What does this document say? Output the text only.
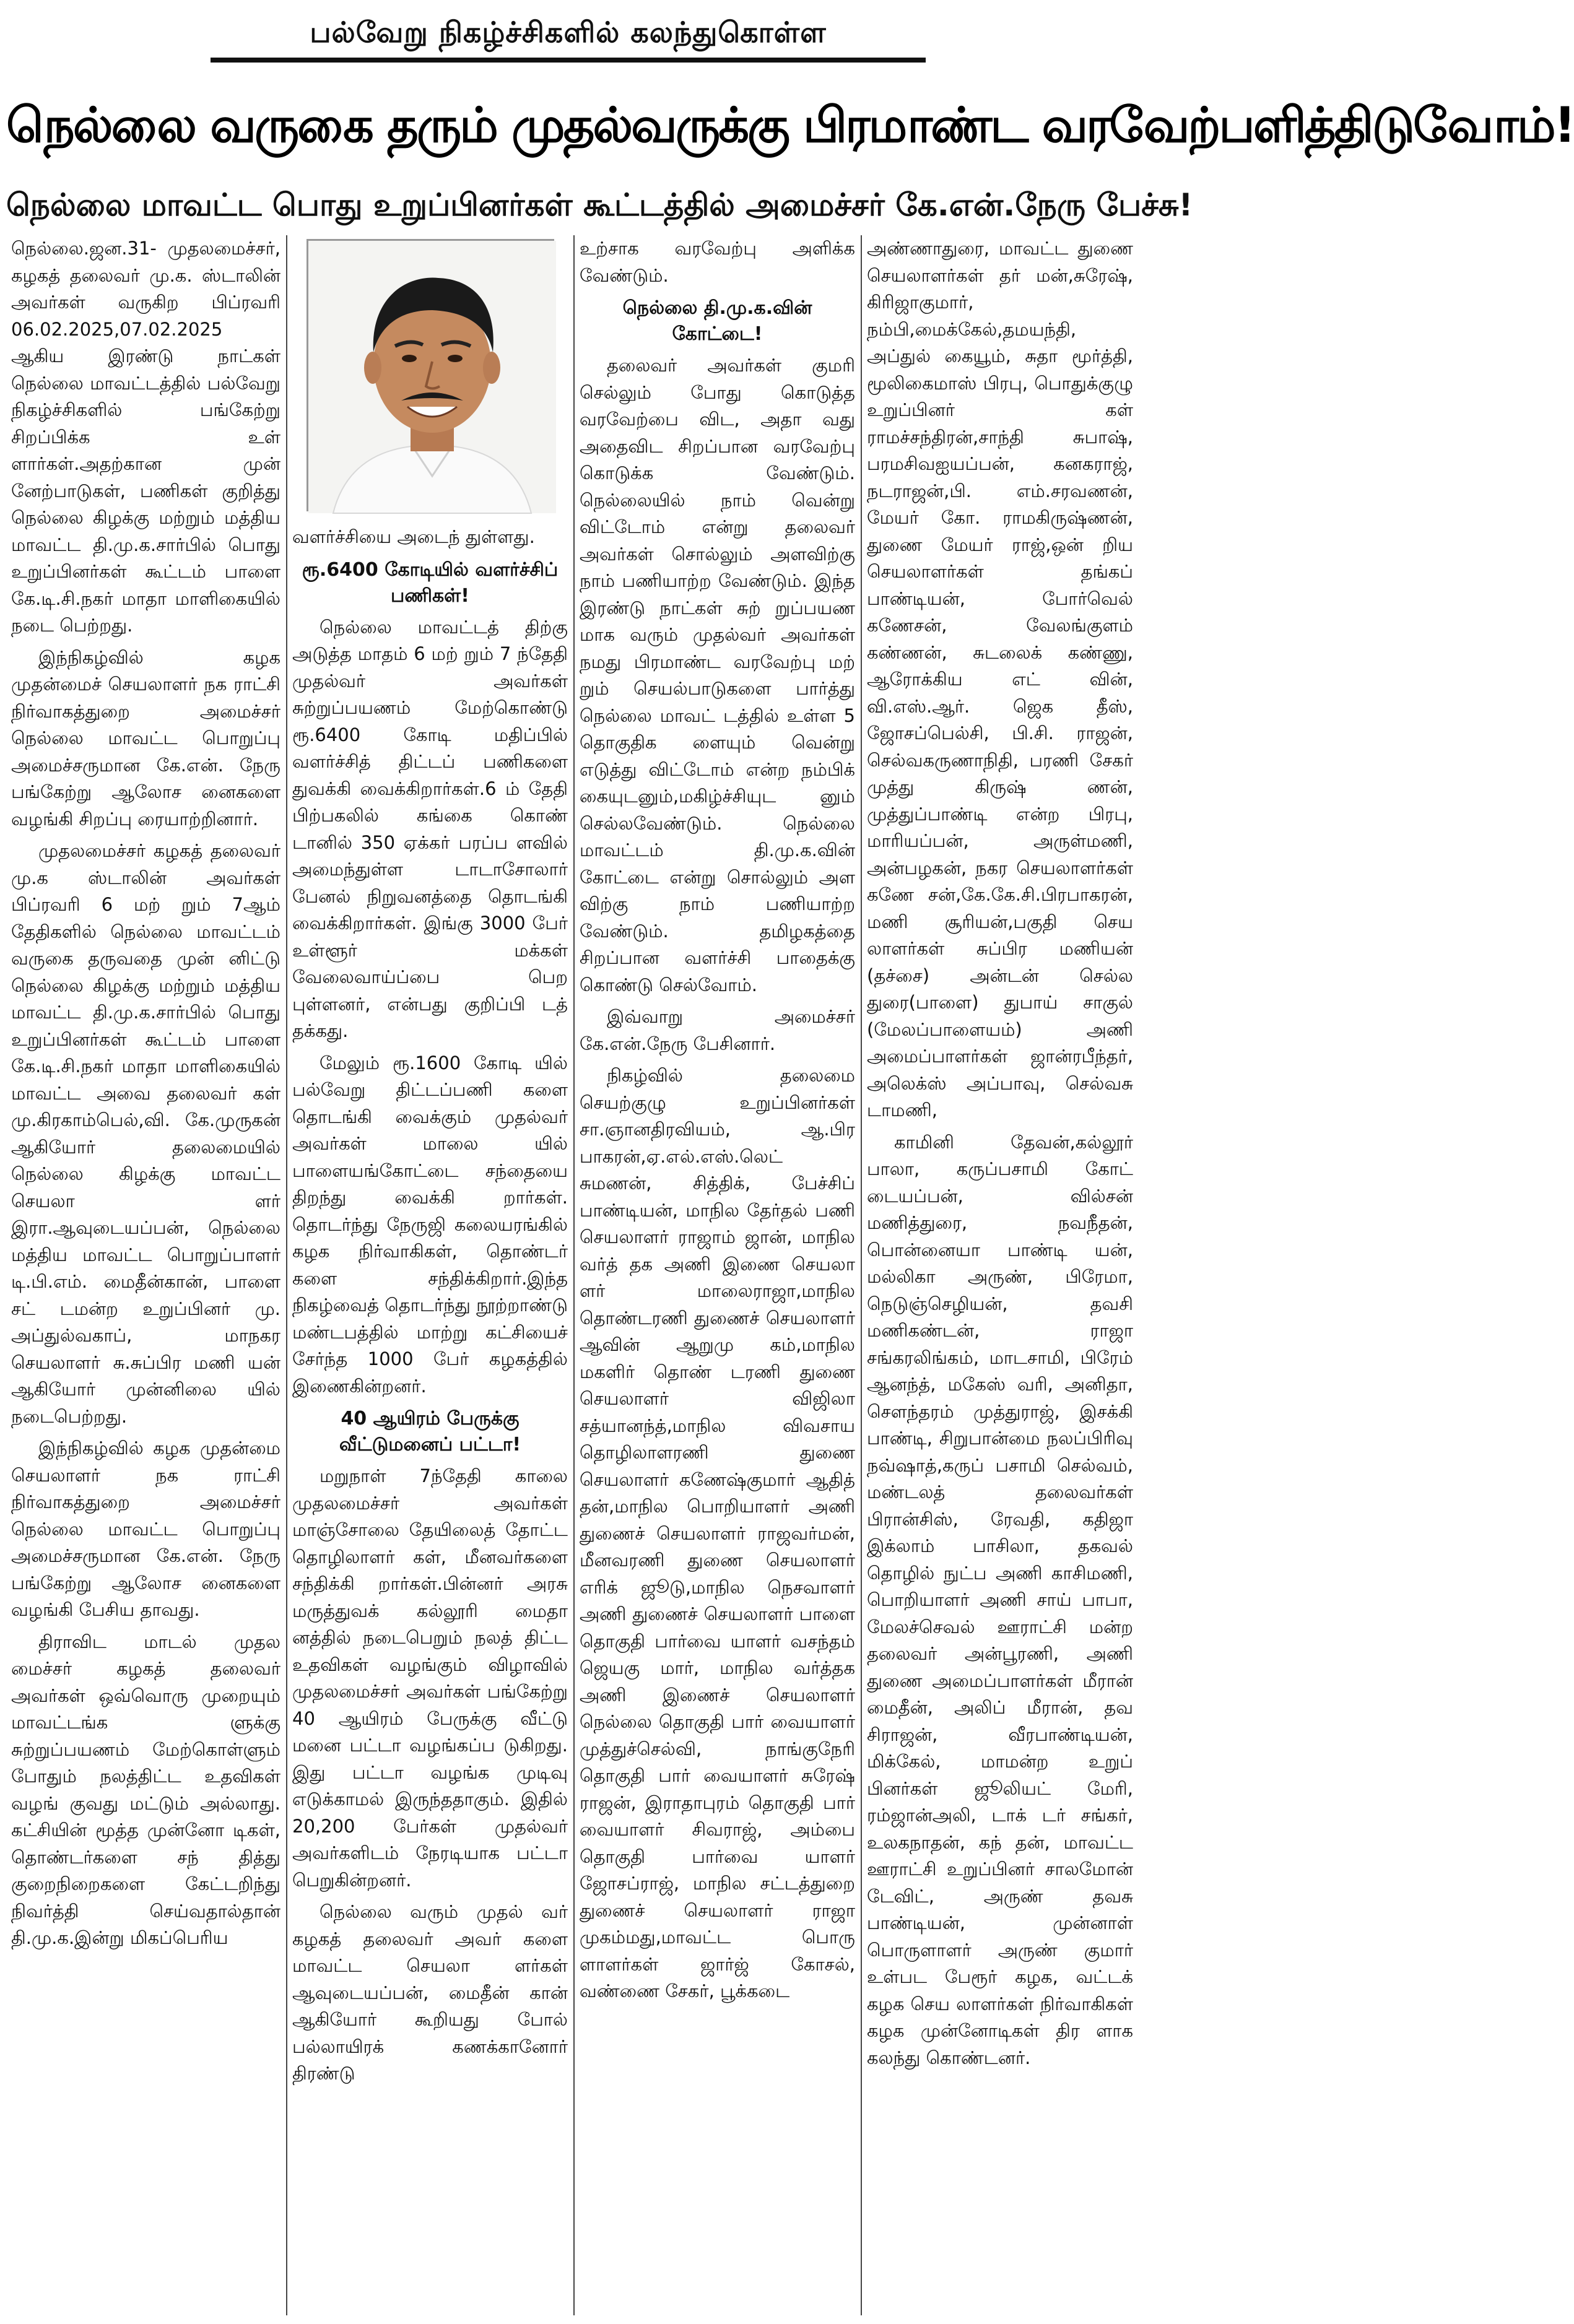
பல்வேறு நிகழ்ச்சிகளில் கலந்துகொள்ள
நெல்லை வருகை தரும் முதல்வருக்கு பிரமாண்ட வரவேற்பளித்திடுவோம்!
நெல்லை மாவட்ட பொது உறுப்பினர்கள் கூட்டத்தில் அமைச்சர் கே.என்.நேரு பேச்சு!

நெல்லை.ஜன.31- முதலமைச்சர், கழகத் தலைவர் மு.க. ஸ்டாலின் அவர்கள் வருகிற பிப்ரவரி 06.02.2025,07.02.2025 ஆகிய இரண்டு நாட்கள் நெல்லை மாவட்டத்தில் பல்வேறு நிகழ்ச்சிகளில் பங்கேற்று சிறப்பிக்க உள் ளார்கள்.அதற்கான முன் னேற்பாடுகள், பணிகள் குறித்து நெல்லை கிழக்கு மற்றும் மத்திய மாவட்ட தி.மு.க.சார்பில் பொது உறுப்பினர்கள் கூட்டம் பாளை கே.டி.சி.நகர் மாதா மாளிகையில் நடை பெற்றது.

இந்நிகழ்வில் கழக முதன்மைச் செயலாளர் நக ராட்சி நிர்வாகத்துறை அமைச்சர் நெல்லை மாவட்ட பொறுப்பு அமைச்சருமான கே.என். நேரு பங்கேற்று ஆலோச னைகளை வழங்கி சிறப்பு ரையாற்றினார்.

முதலமைச்சர் கழகத் தலைவர் மு.க ஸ்டாலின் அவர்கள் பிப்ரவரி 6 மற் றும் 7ஆம் தேதிகளில் நெல்லை மாவட்டம் வருகை தருவதை முன் னிட்டு நெல்லை கிழக்கு மற்றும் மத்திய மாவட்ட தி.மு.க.சார்பில் பொது உறுப்பினர்கள் கூட்டம் பாளை கே.டி.சி.நகர் மாதா மாளிகையில் மாவட்ட அவை தலைவர் கள் மு.கிரகாம்பெல்,வி. கே.முருகன் ஆகியோர் தலைமையில் நெல்லை கிழக்கு மாவட்ட செயலா ளர் இரா.ஆவுடையப்பன், நெல்லை மத்திய மாவட்ட பொறுப்பாளர் டி.பி.எம். மைதீன்கான், பாளை சட் டமன்ற உறுப்பினர் மு. அப்துல்வகாப், மாநகர செயலாளர் சு.சுப்பிர மணி யன் ஆகியோர் முன்னிலை யில் நடைபெற்றது.

இந்நிகழ்வில் கழக முதன்மை செயலாளர் நக ராட்சி நிர்வாகத்துறை அமைச்சர் நெல்லை மாவட்ட பொறுப்பு அமைச்சருமான கே.என். நேரு பங்கேற்று ஆலோச னைகளை வழங்கி பேசிய தாவது.

திராவிட மாடல் முதல மைச்சர் கழகத் தலைவர் அவர்கள் ஒவ்வொரு முறையும் மாவட்டங்க ளுக்கு சுற்றுப்பயணம் மேற்கொள்ளும் போதும் நலத்திட்ட உதவிகள் வழங் குவது மட்டும் அல்லாது. கட்சியின் மூத்த முன்னோ டிகள், தொண்டர்களை சந் தித்து குறைநிறைகளை கேட்டறிந்து நிவர்த்தி செய்வதால்தான் தி.மு.க.இன்று மிகப்பெரிய

வளர்ச்சியை அடைந் துள்ளது.

ரூ.6400 கோடியில் வளர்ச்சிப் பணிகள்!

நெல்லை மாவட்டத் திற்கு அடுத்த மாதம் 6 மற் றும் 7 ந்தேதி முதல்வர் அவர்கள் சுற்றுப்பயணம் மேற்கொண்டு ரூ.6400 கோடி மதிப்பில் வளர்ச்சித் திட்டப் பணிகளை துவக்கி வைக்கிறார்கள்.6 ம் தேதி பிற்பகலில் கங்கை கொண் டானில் 350 ஏக்கர் பரப்ப ளவில் அமைந்துள்ள டாடாசோலார் பேனல் நிறுவனத்தை தொடங்கி வைக்கிறார்கள். இங்கு 3000 பேர் உள்ளூர் மக்கள் வேலைவாய்ப்பை பெற புள்ளனர், என்பது குறிப்பி டத் தக்கது.

மேலும் ரூ.1600 கோடி யில் பல்வேறு திட்டப்பணி களை தொடங்கி வைக்கும் முதல்வர் அவர்கள் மாலை யில் பாளையங்கோட்டை சந்தையை திறந்து வைக்கி றார்கள். தொடர்ந்து நேருஜி கலையரங்கில் கழக நிர்வாகிகள், தொண்டர் களை சந்திக்கிறார்.இந்த நிகழ்வைத் தொடர்ந்து நூற்றாண்டு மண்டபத்தில் மாற்று கட்சியைச் சேர்ந்த 1000 பேர் கழகத்தில் இணைகின்றனர்.

40 ஆயிரம் பேருக்கு வீட்டுமனைப் பட்டா!

மறுநாள் 7ந்தேதி காலை முதலமைச்சர் அவர்கள் மாஞ்சோலை தேயிலைத் தோட்ட தொழிலாளர் கள், மீனவர்களை சந்திக்கி றார்கள்.பின்னர் அரசு மருத்துவக் கல்லூரி மைதா னத்தில் நடைபெறும் நலத் திட்ட உதவிகள் வழங்கும் விழாவில் முதலமைச்சர் அவர்கள் பங்கேற்று 40 ஆயிரம் பேருக்கு வீட்டு மனை பட்டா வழங்கப்ப டுகிறது. இது பட்டா வழங்க முடிவு எடுக்காமல் இருந்ததாகும். இதில் 20,200 பேர்கள் முதல்வர் அவர்களிடம் நேரடியாக பட்டா பெறுகின்றனர்.

நெல்லை வரும் முதல் வர் கழகத் தலைவர் அவர் களை மாவட்ட செயலா ளர்கள் ஆவுடையப்பன், மைதீன் கான் ஆகியோர் கூறியது போல் பல்லாயிரக் கணக்கானோர் திரண்டு

உற்சாக வரவேற்பு அளிக்க வேண்டும்.

நெல்லை தி.மு.க.வின் கோட்டை!

தலைவர் அவர்கள் குமரி செல்லும் போது கொடுத்த வரவேற்பை விட, அதா வது அதைவிட சிறப்பான வரவேற்பு கொடுக்க வேண்டும். நெல்லையில் நாம் வென்று விட்டோம் என்று தலைவர் அவர்கள் சொல்லும் அளவிற்கு நாம் பணியாற்ற வேண்டும். இந்த இரண்டு நாட்கள் சுற் றுப்பயண மாக வரும் முதல்வர் அவர்கள் நமது பிரமாண்ட வரவேற்பு மற் றும் செயல்பாடுகளை பார்த்து நெல்லை மாவட் டத்தில் உள்ள 5 தொகுதிக ளையும் வென்று எடுத்து விட்டோம் என்ற நம்பிக் கையுடனும்,மகிழ்ச்சியுட னும் செல்லவேண்டும். நெல்லை மாவட்டம் தி.மு.க.வின் கோட்டை என்று சொல்லும் அள விற்கு நாம் பணியாற்ற வேண்டும். தமிழகத்தை சிறப்பான வளர்ச்சி பாதைக்கு கொண்டு செல்வோம்.

இவ்வாறு அமைச்சர் கே.என்.நேரு பேசினார்.

நிகழ்வில் தலைமை செயற்குழு உறுப்பினர்கள் சா.ஞானதிரவியம், ஆ.பிர பாகரன்,ஏ.எல்.எஸ்.லெட் சுமணன், சித்திக், பேச்சிப் பாண்டியன், மாநில தேர்தல் பணி செயலாளர் ராஜாம் ஜான், மாநில வர்த் தக அணி இணை செயலா ளர் மாலைராஜா,மாநில தொண்டரணி துணைச் செயலாளர் ஆவின் ஆறுமு கம்,மாநில மகளிர் தொண் டரணி துணை செயலாளர் விஜிலா சத்யானந்த்,மாநில விவசாய தொழிலாளரணி துணை செயலாளர் கணேஷ்குமார் ஆதித் தன்,மாநில பொறியாளர் அணி துணைச் செயலாளர் ராஜவர்மன், மீனவரணி துணை செயலாளர் எரிக் ஜூடு,மாநில நெசவாளர் அணி துணைச் செயலாளர் பாளை தொகுதி பார்வை யாளர் வசந்தம் ஜெயகு மார், மாநில வர்த்தக அணி இணைச் செயலாளர் நெல்லை தொகுதி பார் வையாளர் முத்துச்செல்வி, நாங்குநேரி தொகுதி பார் வையாளர் சுரேஷ் ராஜன், இராதாபுரம் தொகுதி பார் வையாளர் சிவராஜ், அம்பை தொகுதி பார்வை யாளர் ஜோசப்ராஜ், மாநில சட்டத்துறை துணைச் செயலாளர் ராஜா முகம்மது,மாவட்ட பொரு ளாளர்கள் ஜார்ஜ் கோசல், வண்ணை சேகர், பூக்கடை

அண்ணாதுரை, மாவட்ட துணை செயலாளர்கள் தர் மன்,சுரேஷ், கிரிஜாகுமார், நம்பி,மைக்கேல்,தமயந்தி, அப்துல் கையூம், சுதா மூர்த்தி, மூலிகைமாஸ் பிரபு, பொதுக்குழு உறுப்பினர் கள் ராமச்சந்திரன்,சாந்தி சுபாஷ், பரமசிவஐயப்பன், கனகராஜ், நடராஜன்,பி. எம்.சரவணன், மேயர் கோ. ராமகிருஷ்ணன், துணை மேயர் ராஜ்,ஒன் றிய செயலாளர்கள் தங்கப் பாண்டியன், போர்வெல் கணேசன், வேலங்குளம் கண்ணன், சுடலைக் கண்ணு, ஆரோக்கிய எட் வின், வி.எஸ்.ஆர். ஜெக தீஸ், ஜோசப்பெல்சி, பி.சி. ராஜன், செல்வகருணாநிதி, பரணி சேகர் முத்து கிருஷ் ணன், முத்துப்பாண்டி என்ற பிரபு, மாரியப்பன், அருள்மணி, அன்பழகன், நகர செயலாளர்கள் கணே சன்,கே.கே.சி.பிரபாகரன், மணி சூரியன்,பகுதி செய லாளர்கள் சுப்பிர மணியன் (தச்சை) அன்டன் செல்ல துரை(பாளை) துபாய் சாகுல் (மேலப்பாளையம்) அணி அமைப்பாளர்கள் ஜான்ரபீந்தர், அலெக்ஸ் அப்பாவு, செல்வசு டாமணி,

காமினி தேவன்,கல்லூர் பாலா, கருப்பசாமி கோட் டையப்பன், வில்சன் மணித்துரை, நவநீதன், பொன்னையா பாண்டி யன், மல்லிகா அருண், பிரேமா, நெடுஞ்செழியன், தவசி மணிகண்டன், ராஜா சங்கரலிங்கம், மாடசாமி, பிரேம் ஆனந்த், மகேஸ் வரி, அனிதா, சௌந்தரம் முத்துராஜ், இசக்கி பாண்டி, சிறுபான்மை நலப்பிரிவு நவ்ஷாத்,கருப் பசாமி செல்வம், மண்டலத் தலைவர்கள் பிரான்சிஸ், ரேவதி, கதிஜா இக்லாம் பாசிலா, தகவல் தொழில் நுட்ப அணி காசிமணி, பொறியாளர் அணி சாய் பாபா, மேலச்செவல் ஊராட்சி மன்ற தலைவர் அன்பூரணி, அணி துணை அமைப்பாளர்கள் மீரான் மைதீன், அலிப் மீரான், தவ சிராஜன், வீரபாண்டியன், மிக்கேல், மாமன்ற உறுப் பினர்கள் ஜூலியட் மேரி, ரம்ஜான்அலி, டாக் டர் சங்கர், உலகநாதன், கந் தன், மாவட்ட ஊராட்சி உறுப்பினர் சாலமோன் டேவிட், அருண் தவசு பாண்டியன், முன்னாள் பொருளாளர் அருண் குமார் உள்பட பேரூர் கழக, வட்டக் கழக செய லாளர்கள் நிர்வாகிகள் கழக முன்னோடிகள் திர ளாக கலந்து கொண்டனர்.
